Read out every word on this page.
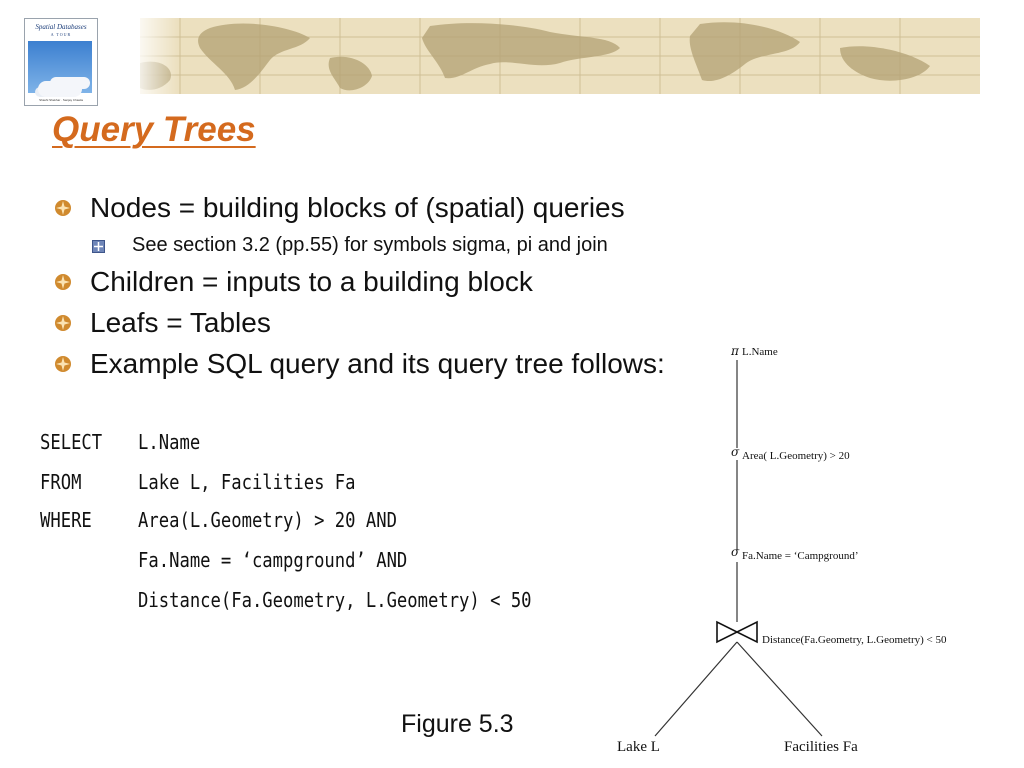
Spatial Databases
A TOUR
Shashi Shekhar · Sanjay Chawla
Query Trees
Nodes = building blocks of (spatial) queries
See section 3.2 (pp.55) for symbols sigma, pi and join
Children = inputs to a building block
Leafs = Tables
Example SQL query and its query tree follows:
SELECT L.Name
FROM	Lake L, Facilities Fa
WHERE Area(L.Geometry) > 20 AND
Fa.Name = ‘campground’ AND
Distance(Fa.Geometry, L.Geometry) < 50
Figure 5.3
π L.Name
σ Area( L.Geometry) > 20
σ Fa.Name = ‘Campground’
Distance(Fa.Geometry, L.Geometry) < 50
Lake L	Facilities Fa
